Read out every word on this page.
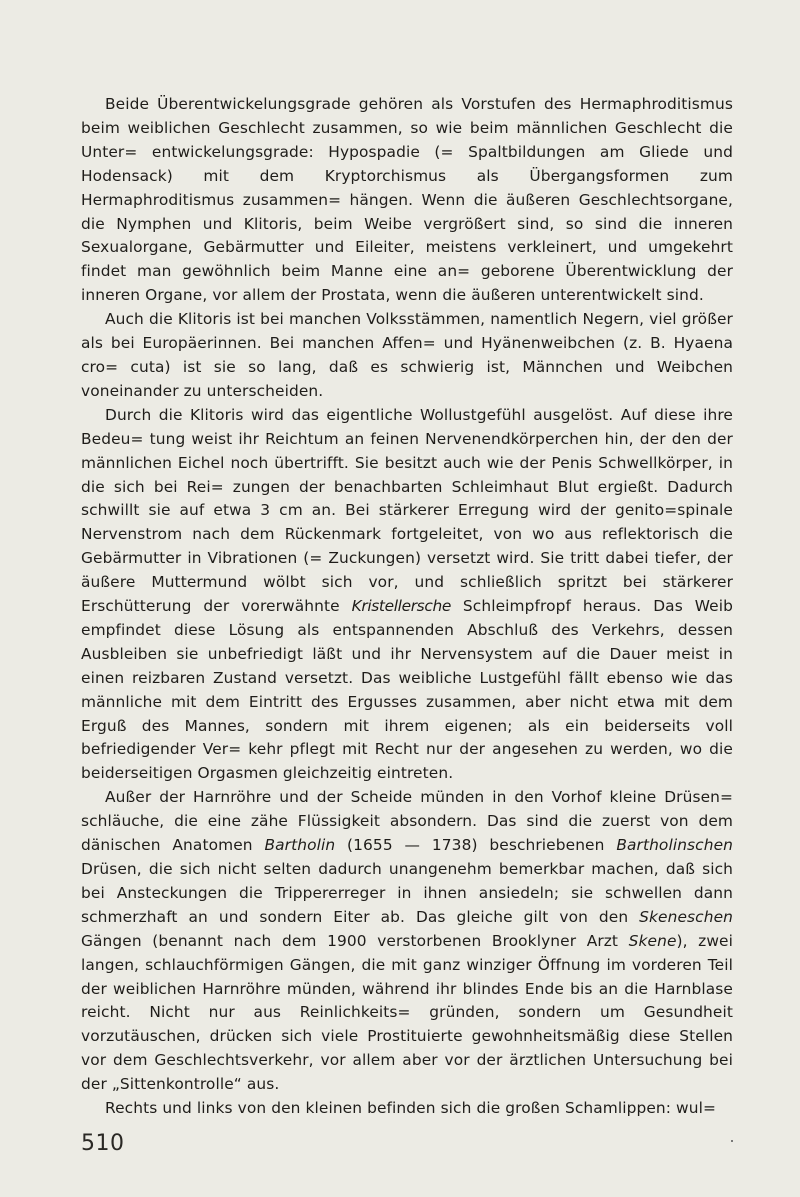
Beide Überentwickelungsgrade gehören als Vorstufen des Hermaphroditismus beim weiblichen Geschlecht zusammen, so wie beim männlichen Geschlecht die Unter= entwickelungsgrade: Hypospadie (= Spaltbildungen am Gliede und Hodensack) mit dem Kryptorchismus als Übergangsformen zum Hermaphroditismus zusammen= hängen. Wenn die äußeren Geschlechtsorgane, die Nymphen und Klitoris, beim Weibe vergrößert sind, so sind die inneren Sexualorgane, Gebärmutter und Eileiter, meistens verkleinert, und umgekehrt findet man gewöhnlich beim Manne eine an= geborene Überentwicklung der inneren Organe, vor allem der Prostata, wenn die äußeren unterentwickelt sind.

Auch die Klitoris ist bei manchen Volksstämmen, namentlich Negern, viel größer als bei Europäerinnen. Bei manchen Affen= und Hyänenweibchen (z. B. Hyaena cro= cuta) ist sie so lang, daß es schwierig ist, Männchen und Weibchen voneinander zu unterscheiden.

Durch die Klitoris wird das eigentliche Wollustgefühl ausgelöst. Auf diese ihre Bedeu= tung weist ihr Reichtum an feinen Nervenendkörperchen hin, der den der männlichen Eichel noch übertrifft. Sie besitzt auch wie der Penis Schwellkörper, in die sich bei Rei= zungen der benachbarten Schleimhaut Blut ergießt. Dadurch schwillt sie auf etwa 3 cm an. Bei stärkerer Erregung wird der genito=spinale Nervenstrom nach dem Rückenmark fortgeleitet, von wo aus reflektorisch die Gebärmutter in Vibrationen (= Zuckungen) versetzt wird. Sie tritt dabei tiefer, der äußere Muttermund wölbt sich vor, und schließlich spritzt bei stärkerer Erschütterung der vorerwähnte Kristellersche Schleimpfropf heraus. Das Weib empfindet diese Lösung als entspannenden Abschluß des Verkehrs, dessen Ausbleiben sie unbefriedigt läßt und ihr Nervensystem auf die Dauer meist in einen reizbaren Zustand versetzt. Das weibliche Lustgefühl fällt ebenso wie das männliche mit dem Eintritt des Ergusses zusammen, aber nicht etwa mit dem Erguß des Mannes, sondern mit ihrem eigenen; als ein beiderseits voll befriedigender Ver= kehr pflegt mit Recht nur der angesehen zu werden, wo die beiderseitigen Orgasmen gleichzeitig eintreten.

Außer der Harnröhre und der Scheide münden in den Vorhof kleine Drüsen= schläuche, die eine zähe Flüssigkeit absondern. Das sind die zuerst von dem dänischen Anatomen Bartholin (1655 — 1738) beschriebenen Bartholinschen Drüsen, die sich nicht selten dadurch unangenehm bemerkbar machen, daß sich bei Ansteckungen die Trippererreger in ihnen ansiedeln; sie schwellen dann schmerzhaft an und sondern Eiter ab. Das gleiche gilt von den Skeneschen Gängen (benannt nach dem 1900 verstorbenen Brooklyner Arzt Skene), zwei langen, schlauchförmigen Gängen, die mit ganz winziger Öffnung im vorderen Teil der weiblichen Harnröhre münden, während ihr blindes Ende bis an die Harnblase reicht. Nicht nur aus Reinlichkeits= gründen, sondern um Gesundheit vorzutäuschen, drücken sich viele Prostituierte gewohnheitsmäßig diese Stellen vor dem Geschlechtsverkehr, vor allem aber vor der ärztlichen Untersuchung bei der „Sittenkontrolle“ aus.

Rechts und links von den kleinen befinden sich die großen Schamlippen: wul=

510
